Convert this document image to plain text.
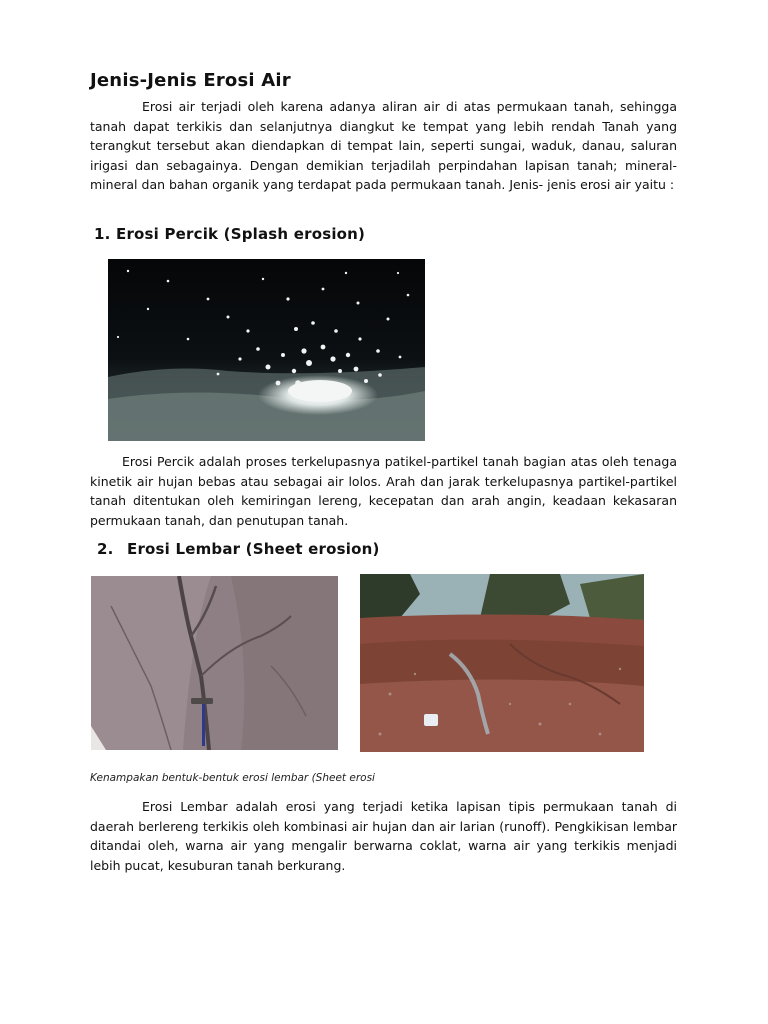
Jenis-Jenis Erosi Air

Erosi air terjadi oleh karena adanya aliran air di atas permukaan tanah, sehingga tanah dapat terkikis dan selanjutnya diangkut ke tempat yang lebih rendah Tanah yang terangkut tersebut akan diendapkan di tempat lain, seperti sungai, waduk, danau, saluran irigasi dan sebagainya. Dengan demikian terjadilah perpindahan lapisan tanah; mineral-mineral dan bahan organik yang terdapat pada permukaan tanah. Jenis- jenis erosi air yaitu :

1. Erosi Percik (Splash erosion)

Erosi Percik adalah proses terkelupasnya patikel-partikel tanah bagian atas oleh tenaga kinetik air hujan bebas atau sebagai air lolos. Arah dan jarak terkelupasnya partikel-partikel tanah ditentukan oleh kemiringan lereng, kecepatan dan arah angin, keadaan kekasaran permukaan tanah, dan penutupan tanah.

2. Erosi Lembar (Sheet erosion)

Kenampakan bentuk-bentuk erosi lembar (Sheet erosi

Erosi Lembar adalah erosi yang terjadi ketika lapisan tipis permukaan tanah di daerah berlereng terkikis oleh kombinasi air hujan dan air larian (runoff). Pengkikisan lembar ditandai oleh, warna air yang mengalir berwarna coklat, warna air yang terkikis menjadi lebih pucat, kesuburan tanah berkurang.
